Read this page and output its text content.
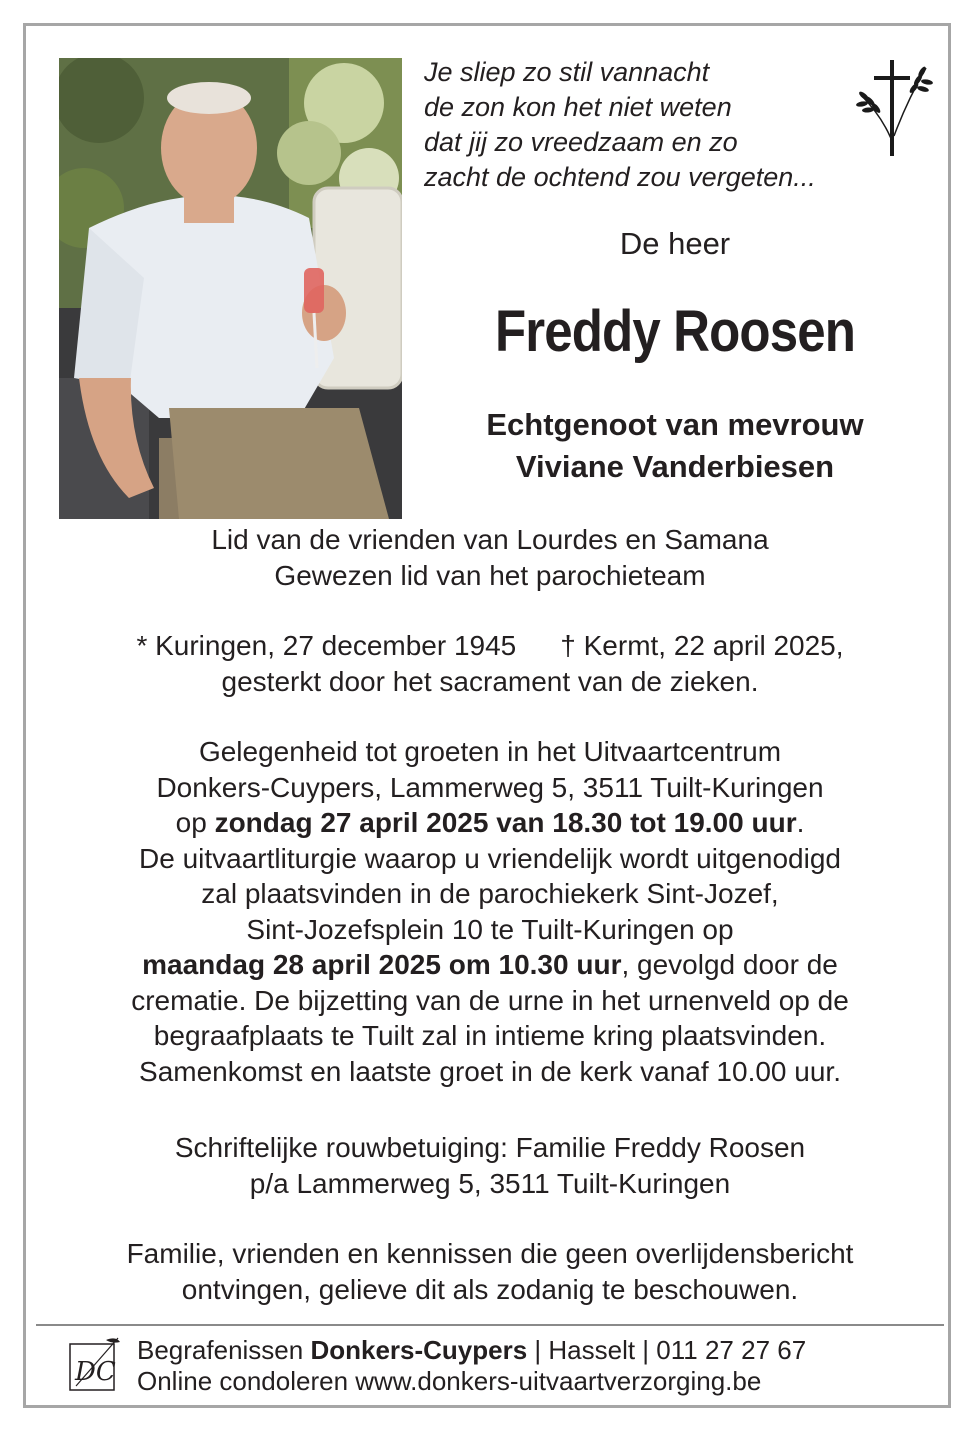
Je sliep zo stil vannacht
de zon kon het niet weten
dat jij zo vreedzaam en zo
zacht de ochtend zou vergeten...
De heer
Freddy Roosen
Echtgenoot van mevrouw
Viviane Vanderbiesen
Lid van de vrienden van Lourdes en Samana
Gewezen lid van het parochieteam
* Kuringen, 27 december 1945 † Kermt, 22 april 2025,
gesterkt door het sacrament van de zieken.
Gelegenheid tot groeten in het Uitvaartcentrum
Donkers-Cuypers, Lammerweg 5, 3511 Tuilt-Kuringen
op zondag 27 april 2025 van 18.30 tot 19.00 uur.
De uitvaartliturgie waarop u vriendelijk wordt uitgenodigd
zal plaatsvinden in de parochiekerk Sint-Jozef,
Sint-Jozefsplein 10 te Tuilt-Kuringen op
maandag 28 april 2025 om 10.30 uur, gevolgd door de
crematie. De bijzetting van de urne in het urnenveld op de
begraafplaats te Tuilt zal in intieme kring plaatsvinden.
Samenkomst en laatste groet in de kerk vanaf 10.00 uur.
Schriftelijke rouwbetuiging: Familie Freddy Roosen
p/a Lammerweg 5, 3511 Tuilt-Kuringen
Familie, vrienden en kennissen die geen overlijdensbericht
ontvingen, gelieve dit als zodanig te beschouwen.
DC
Begrafenissen Donkers-Cuypers | Hasselt | 011 27 27 67
Online condoleren www.donkers-uitvaartverzorging.be
